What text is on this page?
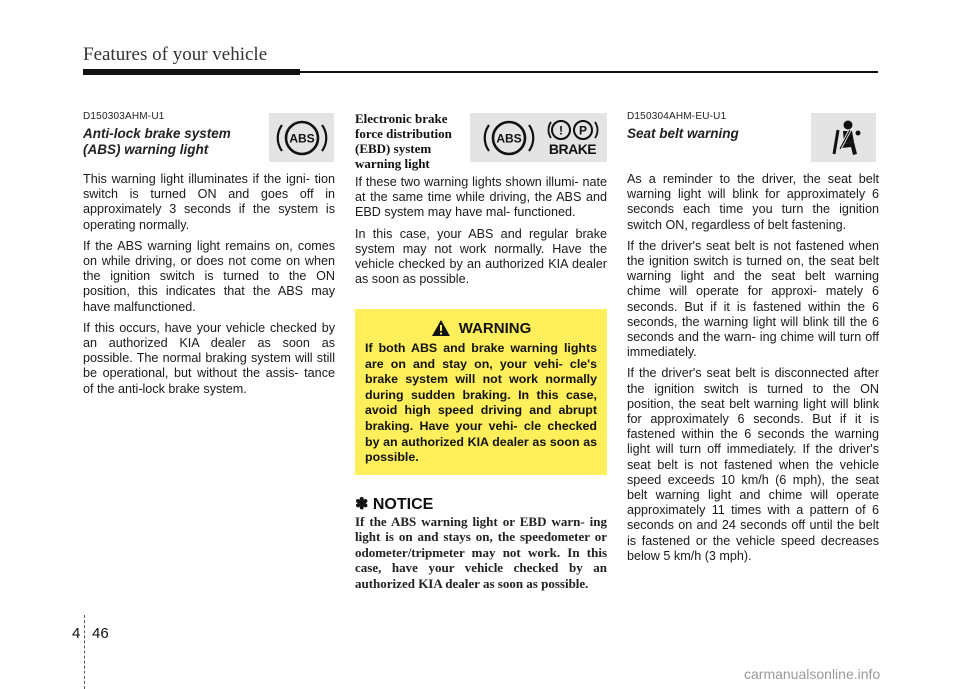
Features of your vehicle

D150303AHM-U1

Anti-lock brake system
(ABS) warning light

This warning light illuminates if the igni- tion switch is turned ON and goes off in approximately 3 seconds if the system is operating normally.

If the ABS warning light remains on, comes on while driving, or does not come on when the ignition switch is turned to the ON position, this indicates that the ABS may have malfunctioned.

If this occurs, have your vehicle checked by an authorized KIA dealer as soon as possible. The normal braking system will still be operational, but without the assis- tance of the anti-lock brake system.

ABS
Electronic brake
force distribution
(EBD) system
warning light

If these two warning lights shown illumi- nate at the same time while driving, the ABS and EBD system may have mal- functioned.

In this case, your ABS and regular brake system may not work normally. Have the vehicle checked by an authorized KIA dealer as soon as possible.

ABS
! P
BRAKE
WARNING

If both ABS and brake warning lights are on and stay on, your vehi- cle's brake system will not work normally during sudden braking. In this case, avoid high speed driving and abrupt braking. Have your vehi- cle checked by an authorized KIA dealer as soon as possible.

✽ NOTICE

If the ABS warning light or EBD warn- ing light is on and stays on, the speedometer or odometer/tripmeter may not work. In this case, have your vehicle checked by an authorized KIA dealer as soon as possible.

D150304AHM-EU-U1

Seat belt warning

As a reminder to the driver, the seat belt warning light will blink for approximately 6 seconds each time you turn the ignition switch ON, regardless of belt fastening.

If the driver's seat belt is not fastened when the ignition switch is turned on, the seat belt warning light and the seat belt warning chime will operate for approxi- mately 6 seconds. But if it is fastened within the 6 seconds, the warning light will blink till the 6 seconds and the warn- ing chime will turn off immediately.

If the driver's seat belt is disconnected after the ignition switch is turned to the ON position, the seat belt warning light will blink for approximately 6 seconds. But if it is fastened within the 6 seconds the warning light will turn off immediately. If the driver's seat belt is not fastened when the vehicle speed exceeds 10 km/h (6 mph), the seat belt warning light and chime will operate approximately 11 times with a pattern of 6 seconds on and 24 seconds off until the belt is fastened or the vehicle speed decreases below 5 km/h (3 mph).

4 46
carmanualsonline.info
